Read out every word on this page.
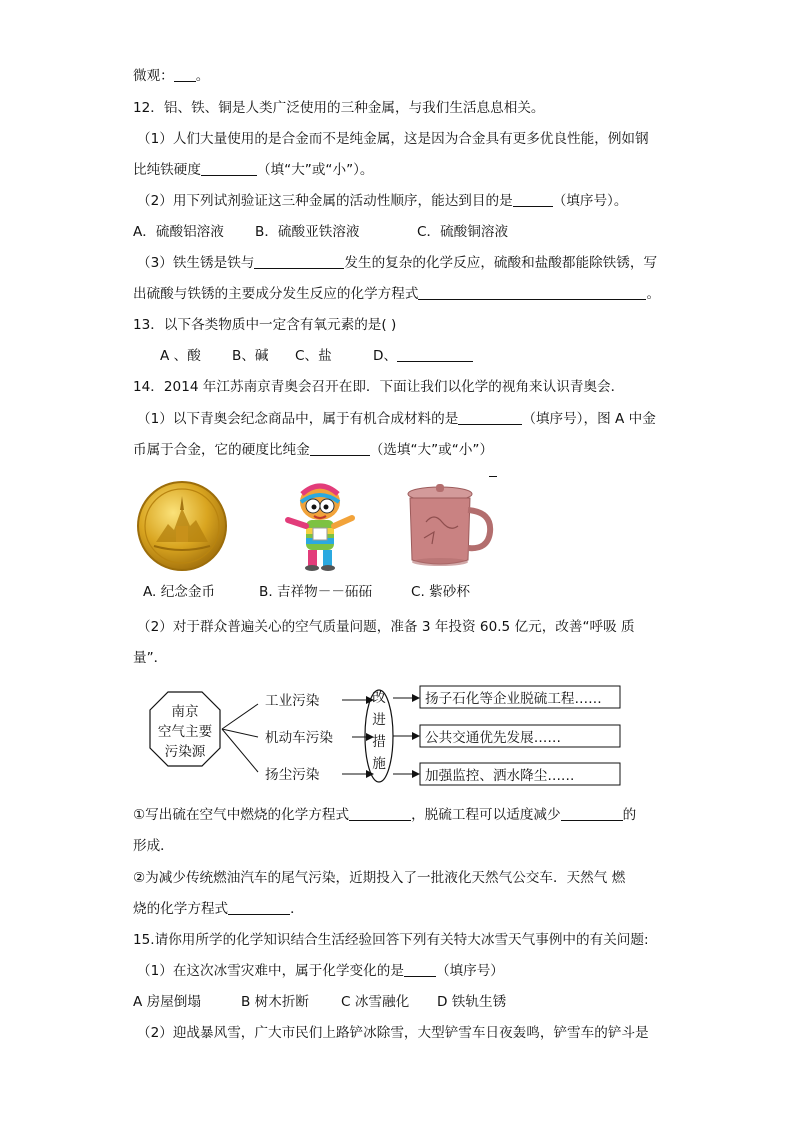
微观： 。
12．铝、铁、铜是人类广泛使用的三种金属，与我们生活息息相关。
（1）人们大量使用的是合金而不是纯金属，这是因为合金具有更多优良性能，例如钢
比纯铁硬度	（填“大”或“小”）。
（2）用下列试剂验证这三种金属的活动性顺序，能达到目的是	（填序号）。
A．硫酸铝溶液 B．硫酸亚铁溶液	C．硫酸铜溶液
（3）铁生锈是铁与	发生的复杂的化学反应，硫酸和盐酸都能除铁锈，写
出硫酸与铁锈的主要成分发生反应的化学方程式	。
13．以下各类物质中一定含有氧元素的是( )
A 、酸 B、碱 C、盐	D、
14．2014 年江苏南京青奥会召开在即．下面让我们以化学的视角来认识青奥会．
（1）以下青奥会纪念商品中，属于有机合成材料的是	（填序号），图 A 中金
币属于合金，它的硬度比纯金	（选填“大”或“小”）
A. 纪念金币	B. 吉祥物－－砳砳	C. 紫砂杯
（2）对于群众普遍关心的空气质量问题，准备 3 年投资 60.5 亿元，改善“呼吸 质
量”．
南京
空气主要
污染源
工业污染
机动车污染
扬尘污染
改
进
措
施
扬子石化等企业脱硫工程……
公共交通优先发展……
加强监控、洒水降尘……
①写出硫在空气中燃烧的化学方程式	，脱硫工程可以适度减少	的
形成．
②为减少传统燃油汽车的尾气污染，近期投入了一批液化天然气公交车．天然气 燃
烧的化学方程式	．
15.请你用所学的化学知识结合生活经验回答下列有关特大冰雪天气事例中的有关问题:
（1）在这次冰雪灾难中，属于化学变化的是 （填序号）
A 房屋倒塌	B 树木折断 C 冰雪融化 D 铁轨生锈
（2）迎战暴风雪，广大市民们上路铲冰除雪，大型铲雪车日夜轰鸣，铲雪车的铲斗是
